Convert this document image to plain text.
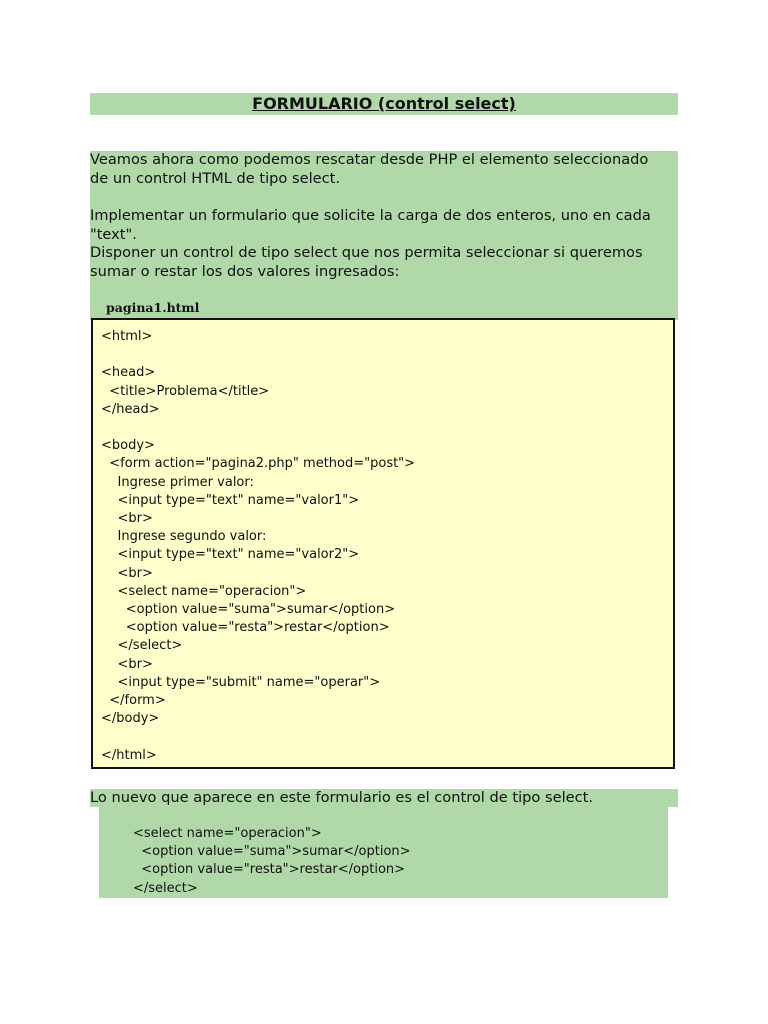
FORMULARIO (control select)

Veamos ahora como podemos rescatar desde PHP el elemento seleccionado
de un control HTML de tipo select.

Implementar un formulario que solicite la carga de dos enteros, uno en cada
"text".

Disponer un control de tipo select que nos permita seleccionar si queremos
sumar o restar los dos valores ingresados:

pagina1.html
<html>

<head>
<title>Problema</title>
</head>

<body>
<form action="pagina2.php" method="post">
Ingrese primer valor:
<input type="text" name="valor1">
<br>
Ingrese segundo valor:
<input type="text" name="valor2">
<br>
<select name="operacion">
<option value="suma">sumar</option>
<option value="resta">restar</option>
</select>
<br>
<input type="submit" name="operar">
</form>
</body>

</html>
Lo nuevo que aparece en este formulario es el control de tipo select.
<select name="operacion">
<option value="suma">sumar</option>
<option value="resta">restar</option>
</select>
